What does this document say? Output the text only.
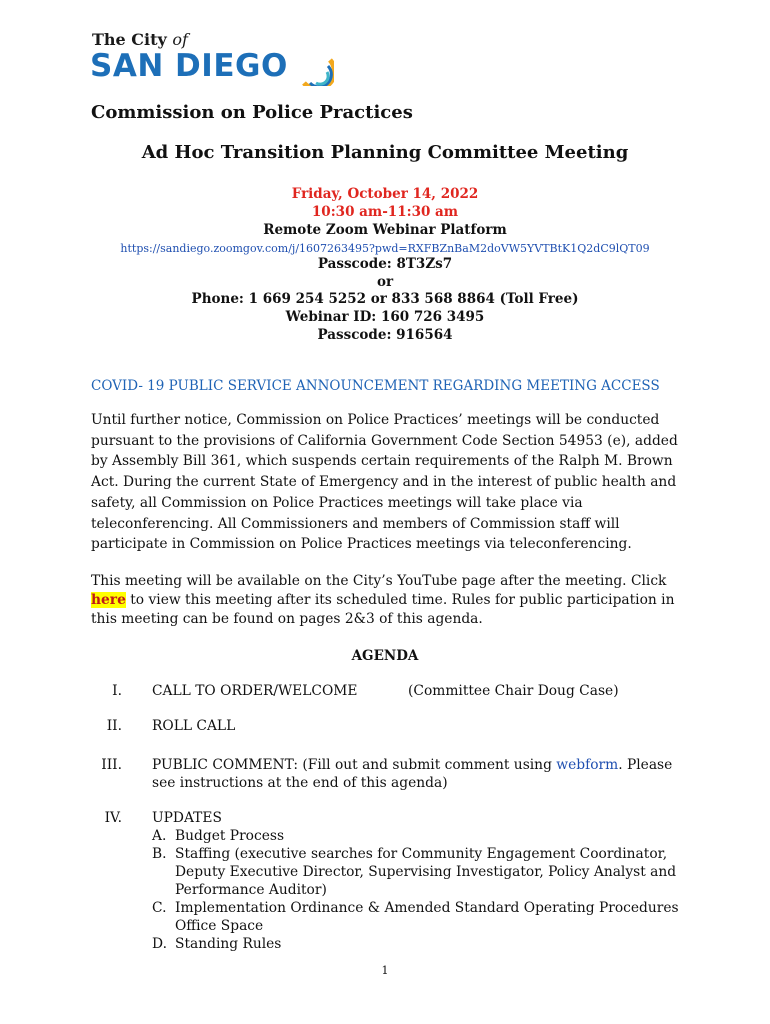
The City of
SAN DIEGO
Commission on Police Practices
Ad Hoc Transition Planning Committee Meeting
Friday, October 14, 2022
10:30 am-11:30 am
Remote Zoom Webinar Platform
https://sandiego.zoomgov.com/j/1607263495?pwd=RXFBZnBaM2doVW5YVTBtK1Q2dC9lQT09
Passcode: 8T3Zs7
or
Phone: 1 669 254 5252 or 833 568 8864 (Toll Free)
Webinar ID: 160 726 3495
Passcode: 916564
COVID- 19 PUBLIC SERVICE ANNOUNCEMENT REGARDING MEETING ACCESS

Until further notice, Commission on Police Practices’ meetings will be conducted

pursuant to the provisions of California Government Code Section 54953 (e), added

by Assembly Bill 361, which suspends certain requirements of the Ralph M. Brown

Act. During the current State of Emergency and in the interest of public health and

safety, all Commission on Police Practices meetings will take place via

teleconferencing. All Commissioners and members of Commission staff will

participate in Commission on Police Practices meetings via teleconferencing.

This meeting will be available on the City’s YouTube page after the meeting. Click

here to view this meeting after its scheduled time. Rules for public participation in

this meeting can be found on pages 2&3 of this agenda.

AGENDA
I. CALL TO ORDER/WELCOME	(Committee Chair Doug Case)
II. ROLL CALL
III. PUBLIC COMMENT: (Fill out and submit comment using webform. Please
see instructions at the end of this agenda)
IV. UPDATES
A. Budget Process
B. Staffing (executive searches for Community Engagement Coordinator,
Deputy Executive Director, Supervising Investigator, Policy Analyst and
Performance Auditor)
C. Implementation Ordinance & Amended Standard Operating Procedures
Office Space
D. Standing Rules
1
